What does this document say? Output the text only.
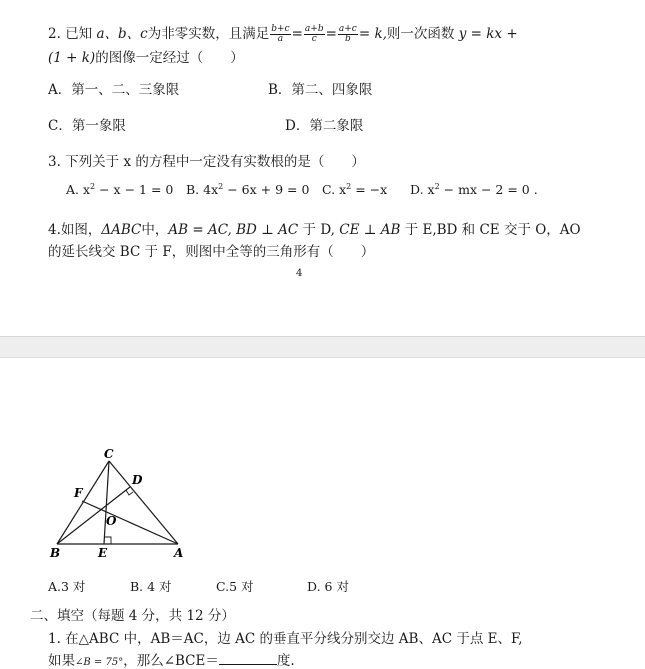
2. 已知 a、b、c为非零实数，且满足 $\frac{b+c}{a} = \frac{a+b}{c} = \frac{a+c}{b} = k$,则一次函数 y = kx +
(1 + k)的图像一定经过（　　）
A．第一、二、三象限	B．第二、四象限
C．第一象限	D．第二象限
3. 下列关于 x 的方程中一定没有实数根的是（　　）
A. $x^2 - x - 1 = 0$ B. $4x^2 - 6x + 9 = 0$ C. $x^2 = -x$ D. $x^2$ − mx − 2 = 0 .
4.如图，ΔABC中，AB = AC, BD ⊥ AC 于 D, CE ⊥ AB 于 E,BD 和 CE 交于 O，AO
的延长线交 BC 于 F，则图中全等的三角形有（　　）
4
C
D
F
O
B	E	A
A.3 对	B. 4 对	C.5 对	D. 6 对
二、填空（每题 4 分，共 12 分）
1. 在△ABC 中，AB＝AC，边 AC 的垂直平分线分别交边 AB、AC 于点 E、F,
如果∠B = 75°，那么∠BCE＝	度.
